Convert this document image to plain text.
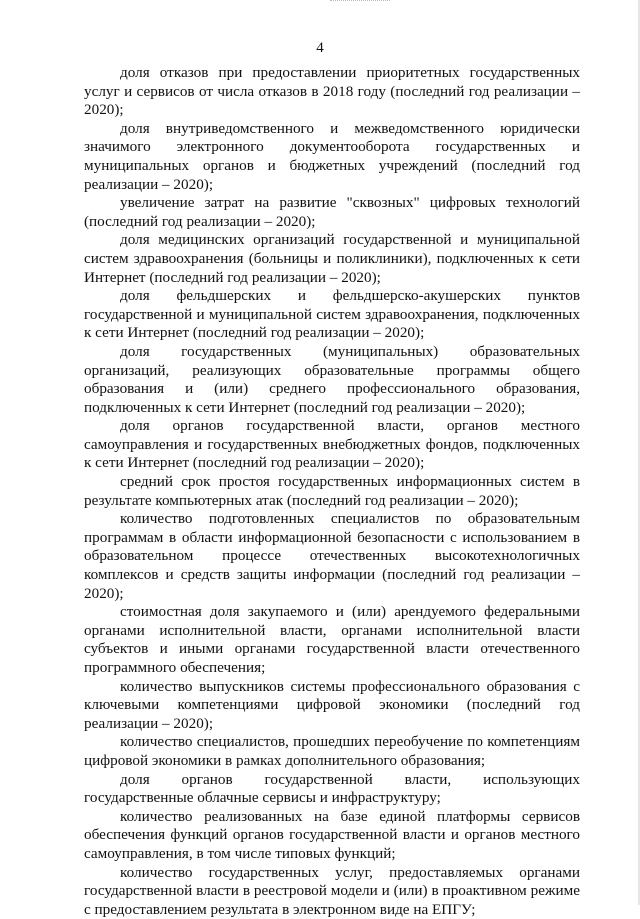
4

доля отказов при предоставлении приоритетных государственных услуг и сервисов от числа отказов в 2018 году (последний год реализации – 2020);

доля внутриведомственного и межведомственного юридически значимого электронного документооборота государственных и муниципальных органов и бюджетных учреждений (последний год реализации – 2020);

увеличение затрат на развитие "сквозных" цифровых технологий (последний год реализации – 2020);

доля медицинских организаций государственной и муниципальной систем здравоохранения (больницы и поликлиники), подключенных к сети Интернет (последний год реализации – 2020);

доля фельдшерских и фельдшерско-акушерских пунктов государственной и муниципальной систем здравоохранения, подключенных к сети Интернет (последний год реализации – 2020);

доля государственных (муниципальных) образовательных организаций, реализующих образовательные программы общего образования и (или) среднего профессионального образования, подключенных к сети Интернет (последний год реализации – 2020);

доля органов государственной власти, органов местного самоуправления и государственных внебюджетных фондов, подключенных к сети Интернет (последний год реализации – 2020);

средний срок простоя государственных информационных систем в результате компьютерных атак (последний год реализации – 2020);

количество подготовленных специалистов по образовательным программам в области информационной безопасности с использованием в образовательном процессе отечественных высокотехнологичных комплексов и средств защиты информации (последний год реализации – 2020);

стоимостная доля закупаемого и (или) арендуемого федеральными органами исполнительной власти, органами исполнительной власти субъектов и иными органами государственной власти отечественного программного обеспечения;

количество выпускников системы профессионального образования с ключевыми компетенциями цифровой экономики (последний год реализации – 2020);

количество специалистов, прошедших переобучение по компетенциям цифровой экономики в рамках дополнительного образования;

доля органов государственной власти, использующих государственные облачные сервисы и инфраструктуру;

количество реализованных на базе единой платформы сервисов обеспечения функций органов государственной власти и органов местного самоуправления, в том числе типовых функций;

количество государственных услуг, предоставляемых органами государственной власти в реестровой модели и (или) в проактивном режиме с предоставлением результата в электронном виде на ЕПГУ;
